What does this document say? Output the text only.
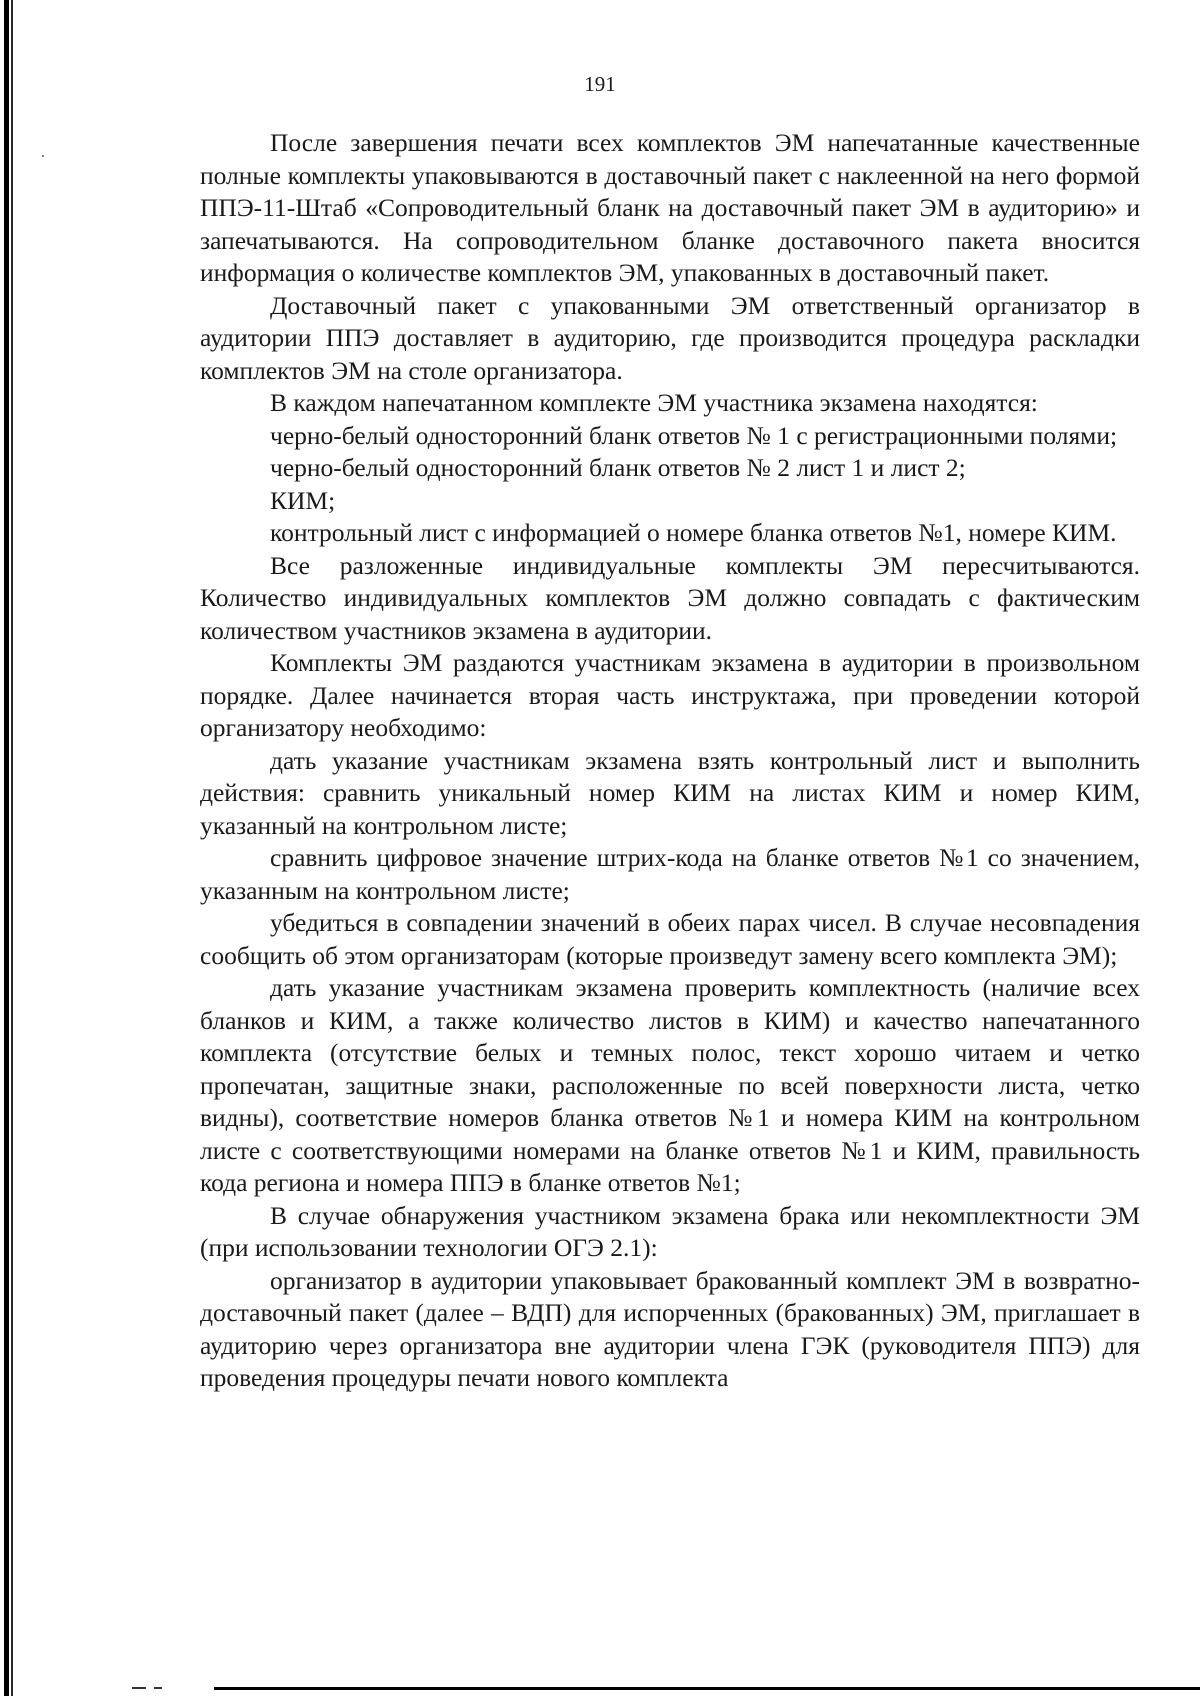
191

После завершения печати всех комплектов ЭМ напечатанные качественные полные комплекты упаковываются в доставочный пакет с наклеенной на него формой ППЭ-11-Штаб «Сопроводительный бланк на доставочный пакет ЭМ в аудиторию» и запечатываются. На сопроводительном бланке доставочного пакета вносится информация о количестве комплектов ЭМ, упакованных в доставочный пакет.

Доставочный пакет с упакованными ЭМ ответственный организатор в аудитории ППЭ доставляет в аудиторию, где производится процедура раскладки комплектов ЭМ на столе организатора.

В каждом напечатанном комплекте ЭМ участника экзамена находятся:

черно-белый односторонний бланк ответов № 1 с регистрационными полями;

черно-белый односторонний бланк ответов № 2 лист 1 и лист 2;

КИМ;

контрольный лист с информацией о номере бланка ответов №1, номере КИМ.

Все разложенные индивидуальные комплекты ЭМ пересчитываются. Количество индивидуальных комплектов ЭМ должно совпадать с фактическим количеством участников экзамена в аудитории.

Комплекты ЭМ раздаются участникам экзамена в аудитории в произвольном порядке. Далее начинается вторая часть инструктажа, при проведении которой организатору необходимо:

дать указание участникам экзамена взять контрольный лист и выполнить действия: сравнить уникальный номер КИМ на листах КИМ и номер КИМ, указанный на контрольном листе;

сравнить цифровое значение штрих-кода на бланке ответов №1 со значением, указанным на контрольном листе;

убедиться в совпадении значений в обеих парах чисел. В случае несовпадения сообщить об этом организаторам (которые произведут замену всего комплекта ЭМ);

дать указание участникам экзамена проверить комплектность (наличие всех бланков и КИМ, а также количество листов в КИМ) и качество напечатанного комплекта (отсутствие белых и темных полос, текст хорошо читаем и четко пропечатан, защитные знаки, расположенные по всей поверхности листа, четко видны), соответствие номеров бланка ответов №1 и номера КИМ на контрольном листе с соответствующими номерами на бланке ответов №1 и КИМ, правильность кода региона и номера ППЭ в бланке ответов №1;

В случае обнаружения участником экзамена брака или некомплектности ЭМ (при использовании технологии ОГЭ 2.1):

организатор в аудитории упаковывает бракованный комплект ЭМ в возвратно-доставочный пакет (далее – ВДП) для испорченных (бракованных) ЭМ, приглашает в аудиторию через организатора вне аудитории члена ГЭК (руководителя ППЭ) для проведения процедуры печати нового комплекта
